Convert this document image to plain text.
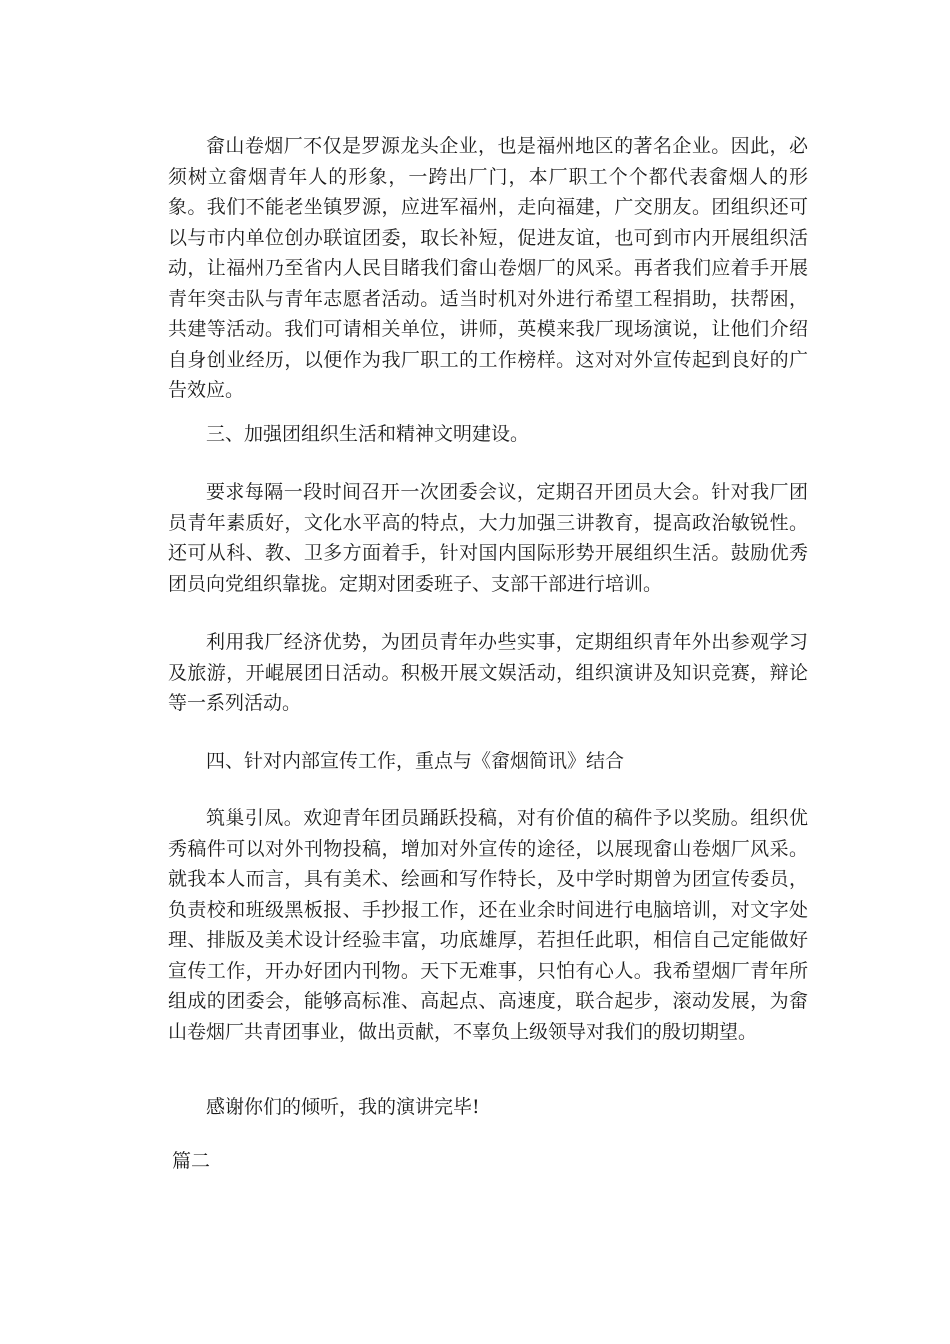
畲山卷烟厂不仅是罗源龙头企业，也是福州地区的著名企业。因此，必须树立畲烟青年人的形象，一跨出厂门，本厂职工个个都代表畲烟人的形象。我们不能老坐镇罗源，应进军福州，走向福建，广交朋友。团组织还可以与市内单位创办联谊团委，取长补短，促进友谊，也可到市内开展组织活动，让福州乃至省内人民目睹我们畲山卷烟厂的风采。再者我们应着手开展青年突击队与青年志愿者活动。适当时机对外进行希望工程捐助，扶帮困，共建等活动。我们可请相关单位，讲师，英模来我厂现场演说，让他们介绍自身创业经历，以便作为我厂职工的工作榜样。这对对外宣传起到良好的广告效应。

三、加强团组织生活和精神文明建设。

要求每隔一段时间召开一次团委会议，定期召开团员大会。针对我厂团员青年素质好，文化水平高的特点，大力加强三讲教育，提高政治敏锐性。还可从科、教、卫多方面着手，针对国内国际形势开展组织生活。鼓励优秀团员向党组织靠拢。定期对团委班子、支部干部进行培训。

利用我厂经济优势，为团员青年办些实事，定期组织青年外出参观学习及旅游，开崐展团日活动。积极开展文娱活动，组织演讲及知识竞赛，辩论等一系列活动。

四、针对内部宣传工作，重点与《畲烟简讯》结合

筑巢引凤。欢迎青年团员踊跃投稿，对有价值的稿件予以奖励。组织优秀稿件可以对外刊物投稿，增加对外宣传的途径，以展现畲山卷烟厂风采。就我本人而言，具有美术、绘画和写作特长，及中学时期曾为团宣传委员，负责校和班级黑板报、手抄报工作，还在业余时间进行电脑培训，对文字处理、排版及美术设计经验丰富，功底雄厚，若担任此职，相信自己定能做好宣传工作，开办好团内刊物。天下无难事，只怕有心人。我希望烟厂青年所组成的团委会，能够高标准、高起点、高速度，联合起步，滚动发展，为畲山卷烟厂共青团事业，做出贡献，不辜负上级领导对我们的殷切期望。

感谢你们的倾听，我的演讲完毕!

篇二
